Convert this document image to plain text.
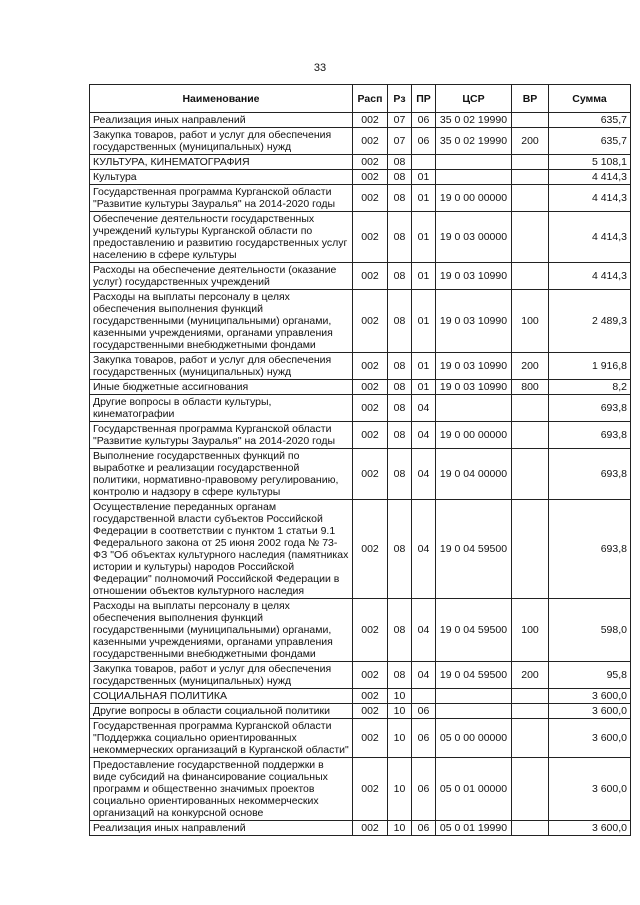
33
Наименование	Расп	Рз	ПР	ЦСР	ВР	Сумма
Реализация иных направлений	002	07	06	35 0 02 19990		635,7
Закупка товаров, работ и услуг для обеспечения государственных (муниципальных) нужд	002	07	06	35 0 02 19990	200	635,7
КУЛЬТУРА, КИНЕМАТОГРАФИЯ	002	08				5 108,1
Культура	002	08	01			4 414,3
Государственная программа Курганской области "Развитие культуры Зауралья" на 2014-2020 годы	002	08	01	19 0 00 00000		4 414,3
Обеспечение деятельности государственных учреждений культуры Курганской области по предоставлению и развитию государственных услуг населению в сфере культуры	002	08	01	19 0 03 00000		4 414,3
Расходы на обеспечение деятельности (оказание услуг) государственных учреждений	002	08	01	19 0 03 10990		4 414,3
Расходы на выплаты персоналу в целях обеспечения выполнения функций государственными (муниципальными) органами, казенными учреждениями, органами управления государственными внебюджетными фондами	002	08	01	19 0 03 10990	100	2 489,3
Закупка товаров, работ и услуг для обеспечения государственных (муниципальных) нужд	002	08	01	19 0 03 10990	200	1 916,8
Иные бюджетные ассигнования	002	08	01	19 0 03 10990	800	8,2
Другие вопросы в области культуры, кинематографии	002	08	04			693,8
Государственная программа Курганской области "Развитие культуры Зауралья" на 2014-2020 годы	002	08	04	19 0 00 00000		693,8
Выполнение государственных функций по выработке и реализации государственной политики, нормативно-правовому регулированию, контролю и надзору в сфере культуры	002	08	04	19 0 04 00000		693,8
Осуществление переданных органам государственной власти субъектов Российской Федерации в соответствии с пунктом 1 статьи 9.1 Федерального закона от 25 июня 2002 года № 73-ФЗ "Об объектах культурного наследия (памятниках истории и культуры) народов Российской Федерации" полномочий Российской Федерации в отношении объектов культурного наследия	002	08	04	19 0 04 59500		693,8
Расходы на выплаты персоналу в целях обеспечения выполнения функций государственными (муниципальными) органами, казенными учреждениями, органами управления государственными внебюджетными фондами	002	08	04	19 0 04 59500	100	598,0
Закупка товаров, работ и услуг для обеспечения государственных (муниципальных) нужд	002	08	04	19 0 04 59500	200	95,8
СОЦИАЛЬНАЯ ПОЛИТИКА	002	10				3 600,0
Другие вопросы в области социальной политики	002	10	06			3 600,0
Государственная программа Курганской области "Поддержка социально ориентированных некоммерческих организаций в Курганской области"	002	10	06	05 0 00 00000		3 600,0
Предоставление государственной поддержки в виде субсидий на финансирование социальных программ и общественно значимых проектов социально ориентированных некоммерческих организаций на конкурсной основе	002	10	06	05 0 01 00000		3 600,0
Реализация иных направлений	002	10	06	05 0 01 19990		3 600,0
